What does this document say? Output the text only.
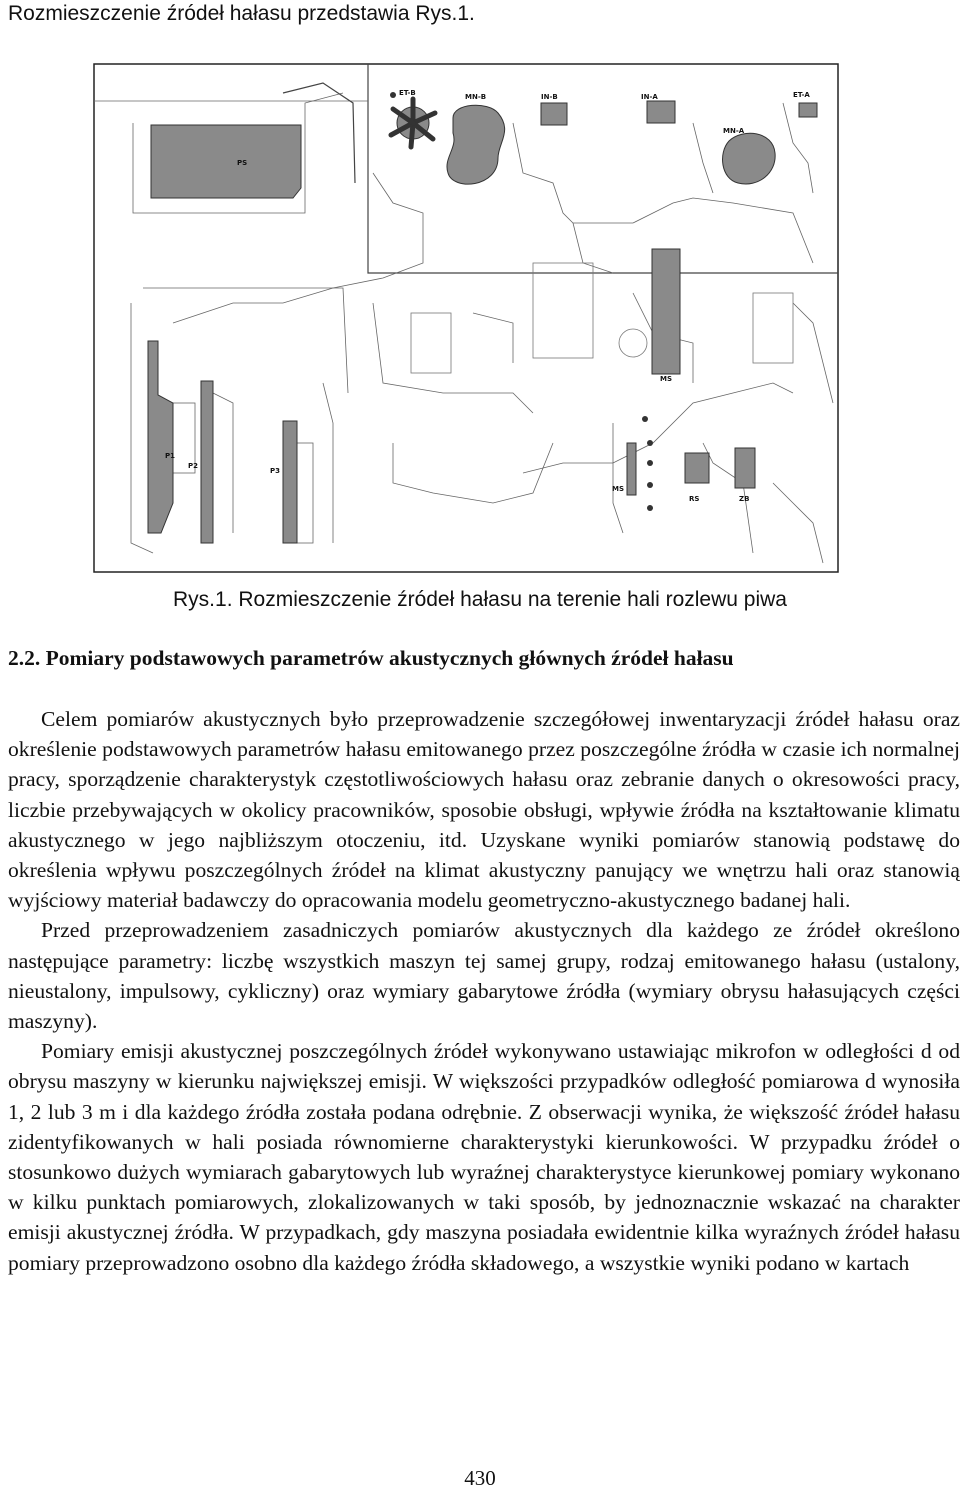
Rozmieszczenie źródeł hałasu przedstawia Rys.1.

ET-B	MN-B	IN-B	IN-A	ET-A
MN-A
PS
MS
P1
P2
P3
MS
RS	ZB

Rys.1. Rozmieszczenie źródeł hałasu na terenie hali rozlewu piwa

2.2. Pomiary podstawowych parametrów akustycznych głównych źródeł hałasu

Celem pomiarów akustycznych było przeprowadzenie szczegółowej inwentaryzacji źródeł hałasu oraz określenie podstawowych parametrów hałasu emitowanego przez poszczególne źródła w czasie ich normalnej pracy, sporządzenie charakterystyk częstotliwościowych hałasu oraz zebranie danych o okresowości pracy, liczbie przebywających w okolicy pracowników, sposobie obsługi, wpływie źródła na kształtowanie klimatu akustycznego w jego najbliższym otoczeniu, itd. Uzyskane wyniki pomiarów stanowią podstawę do określenia wpływu poszczególnych źródeł na klimat akustyczny panujący we wnętrzu hali oraz stanowią wyjściowy materiał badawczy do opracowania modelu geometryczno-akustycznego badanej hali.

Przed przeprowadzeniem zasadniczych pomiarów akustycznych dla każdego ze źródeł określono następujące parametry: liczbę wszystkich maszyn tej samej grupy, rodzaj emitowanego hałasu (ustalony, nieustalony, impulsowy, cykliczny) oraz wymiary gabarytowe źródła (wymiary obrysu hałasujących części maszyny).

Pomiary emisji akustycznej poszczególnych źródeł wykonywano ustawiając mikrofon w odległości d od obrysu maszyny w kierunku największej emisji. W większości przypadków odległość pomiarowa d wynosiła 1, 2 lub 3 m i dla każdego źródła została podana odrębnie. Z obserwacji wynika, że większość źródeł hałasu zidentyfikowanych w hali posiada równomierne charakterystyki kierunkowości. W przypadku źródeł o stosunkowo dużych wymiarach gabarytowych lub wyraźnej charakterystyce kierunkowej pomiary wykonano w kilku punktach pomiarowych, zlokalizowanych w taki sposób, by jednoznacznie wskazać na charakter emisji akustycznej źródła. W przypadkach, gdy maszyna posiadała ewidentnie kilka wyraźnych źródeł hałasu pomiary przeprowadzono osobno dla każdego źródła składowego, a wszystkie wyniki podano w kartach

430
